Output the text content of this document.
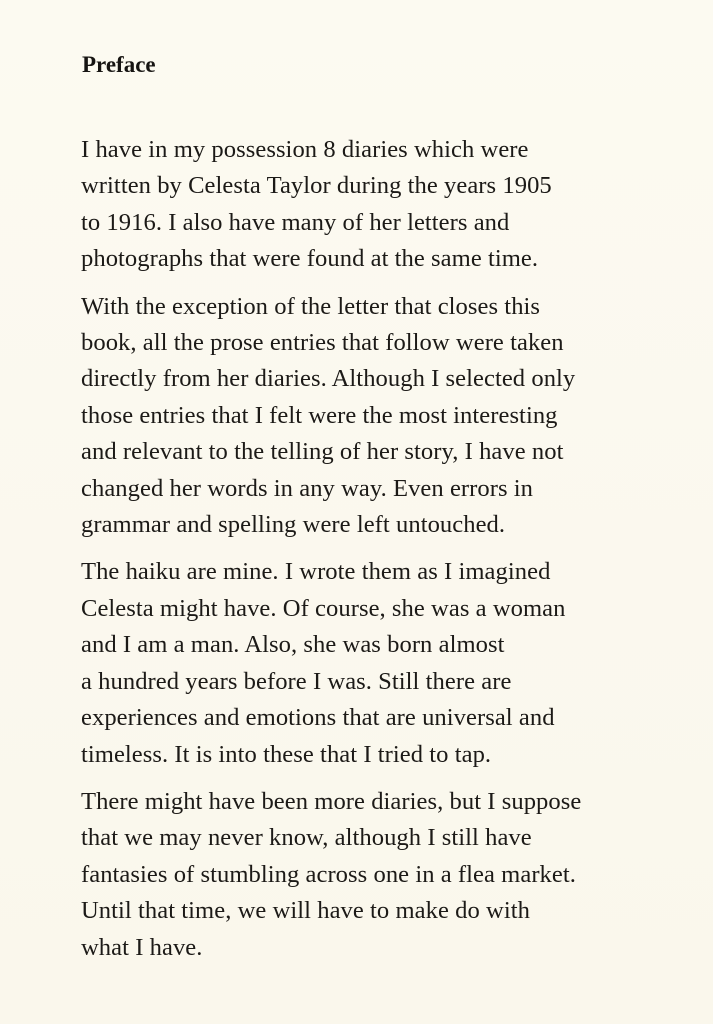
Preface

I have in my possession 8 diaries which were
written by Celesta Taylor during the years 1905
to 1916. I also have many of her letters and
photographs that were found at the same time.

With the exception of the letter that closes this
book, all the prose entries that follow were taken
directly from her diaries. Although I selected only
those entries that I felt were the most interesting
and relevant to the telling of her story, I have not
changed her words in any way. Even errors in
grammar and spelling were left untouched.

The haiku are mine. I wrote them as I imagined
Celesta might have. Of course, she was a woman
and I am a man. Also, she was born almost
a hundred years before I was. Still there are
experiences and emotions that are universal and
timeless. It is into these that I tried to tap.

There might have been more diaries, but I suppose
that we may never know, although I still have
fantasies of stumbling across one in a flea market.
Until that time, we will have to make do with
what I have.
